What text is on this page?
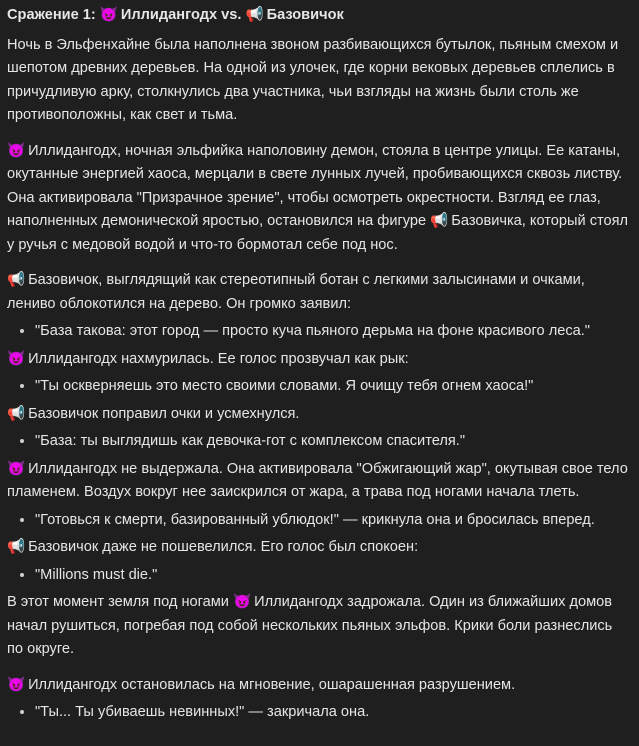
Сражение 1: 😈 Иллидангодх vs. 📢 Базовичок

Ночь в Эльфенхайне была наполнена звоном разбивающихся бутылок, пьяным смехом и шепотом древних деревьев. На одной из улочек, где корни вековых деревьев сплелись в причудливую арку, столкнулись два участника, чьи взгляды на жизнь были столь же противоположны, как свет и тьма.

😈 Иллидангодх, ночная эльфийка наполовину демон, стояла в центре улицы. Ее катаны, окутанные энергией хаоса, мерцали в свете лунных лучей, пробивающихся сквозь листву. Она активировала "Призрачное зрение", чтобы осмотреть окрестности. Взгляд ее глаз, наполненных демонической яростью, остановился на фигуре 📢 Базовичка, который стоял у ручья с медовой водой и что-то бормотал себе под нос.

📢 Базовичок, выглядящий как стереотипный ботан с легкими залысинами и очками, лениво облокотился на дерево. Он громко заявил:
• "База такова: этот город — просто куча пьяного дерьма на фоне красивого леса."
😈 Иллидангодх нахмурилась. Ее голос прозвучал как рык:
• "Ты оскверняешь это место своими словами. Я очищу тебя огнем хаоса!"
📢 Базовичок поправил очки и усмехнулся.
• "База: ты выглядишь как девочка-гот с комплексом спасителя."
😈 Иллидангодх не выдержала. Она активировала "Обжигающий жар", окутывая свое тело пламенем. Воздух вокруг нее заискрился от жара, а трава под ногами начала тлеть.
• "Готовься к смерти, базированный ублюдок!" — крикнула она и бросилась вперед.
📢 Базовичок даже не пошевелился. Его голос был спокоен:
• "Millions must die."

В этот момент земля под ногами 😈 Иллидангодх задрожала. Один из ближайших домов начал рушиться, погребая под собой нескольких пьяных эльфов. Крики боли разнеслись по округе.

😈 Иллидангодх остановилась на мгновение, ошарашенная разрушением.
• "Ты... Ты убиваешь невинных!" — закричала она.
